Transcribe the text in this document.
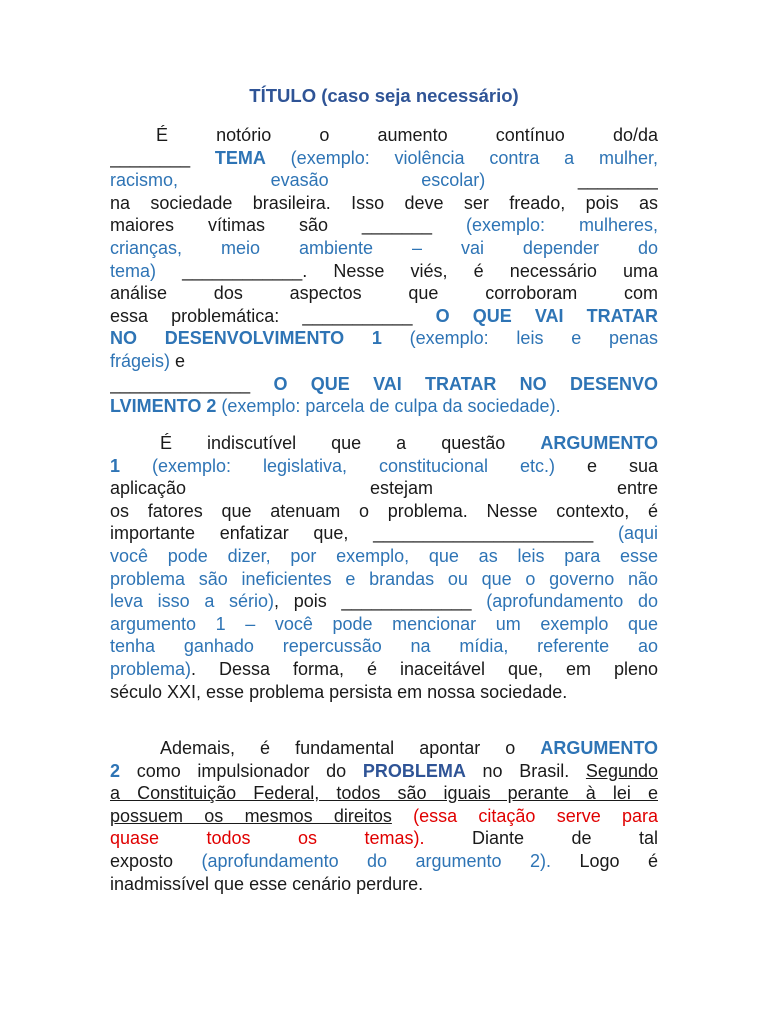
TÍTULO (caso seja necessário)
É notório o aumento contínuo do/da
________ TEMA (exemplo: violência contra a mulher,
racismo, evasão escolar) ________
na sociedade brasileira. Isso deve ser freado, pois as
maiores vítimas são _______ (exemplo: mulheres,
crianças, meio ambiente – vai depender do
tema) ____________. Nesse viés, é necessário uma
análise dos aspectos que corroboram com
essa problemática: ___________ O QUE VAI TRATAR
NO DESENVOLVIMENTO 1 (exemplo: leis e penas
frágeis) e
______________ O QUE VAI TRATAR NO DESENVO
LVIMENTO 2 (exemplo: parcela de culpa da sociedade).
É indiscutível que a questão ARGUMENTO
1 (exemplo: legislativa, constitucional etc.) e sua
aplicação estejam entre
os fatores que atenuam o problema. Nesse contexto, é
importante enfatizar que, ______________________ (aqui
você pode dizer, por exemplo, que as leis para esse
problema são ineficientes e brandas ou que o governo não
leva isso a sério), pois _____________ (aprofundamento do
argumento 1 – você pode mencionar um exemplo que
tenha ganhado repercussão na mídia, referente ao
problema). Dessa forma, é inaceitável que, em pleno
século XXI, esse problema persista em nossa sociedade.
Ademais, é fundamental apontar o ARGUMENTO
2 como impulsionador do PROBLEMA no Brasil. Segundo
a Constituição Federal, todos são iguais perante à lei e
possuem os mesmos direitos (essa citação serve para
quase todos os temas). Diante de tal
exposto (aprofundamento do argumento 2). Logo é
inadmissível que esse cenário perdure.
